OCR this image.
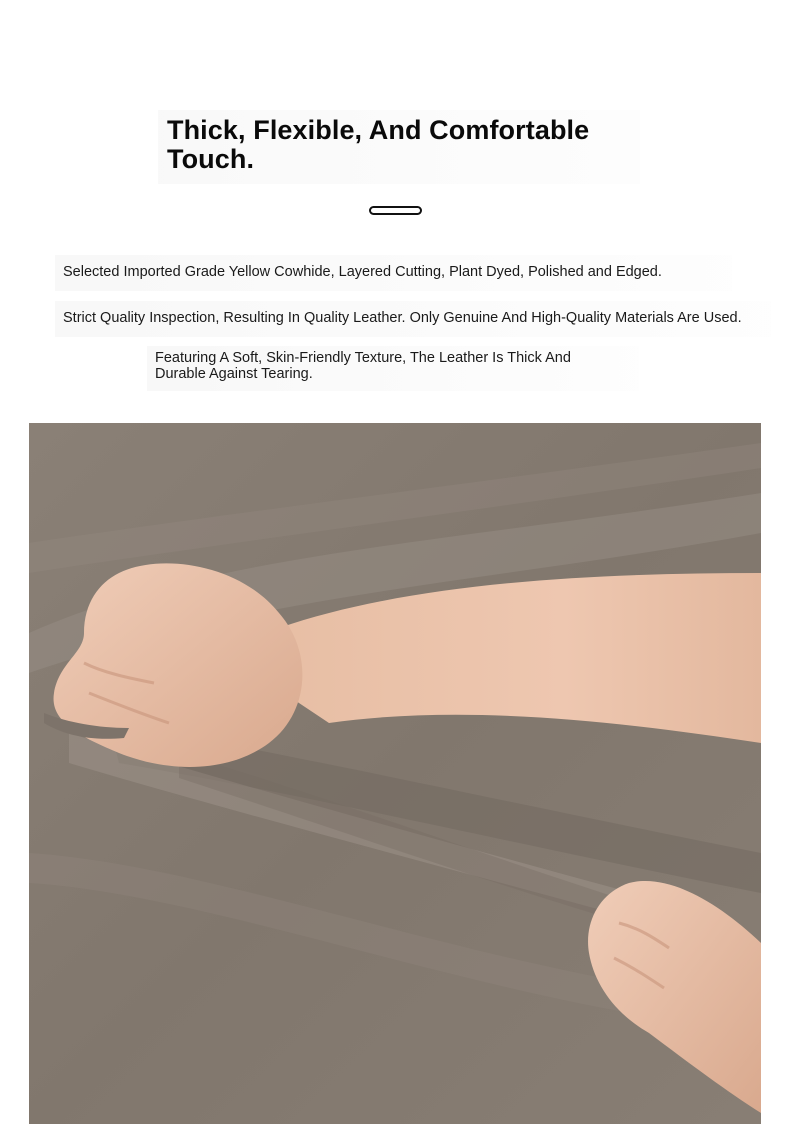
Thick, Flexible, And Comfortable
Touch.
Selected Imported Grade Yellow Cowhide, Layered Cutting, Plant Dyed, Polished and Edged.
Strict Quality Inspection, Resulting In Quality Leather. Only Genuine And High-Quality Materials Are Used.
Featuring A Soft, Skin-Friendly Texture, The Leather Is Thick And
Durable Against Tearing.
